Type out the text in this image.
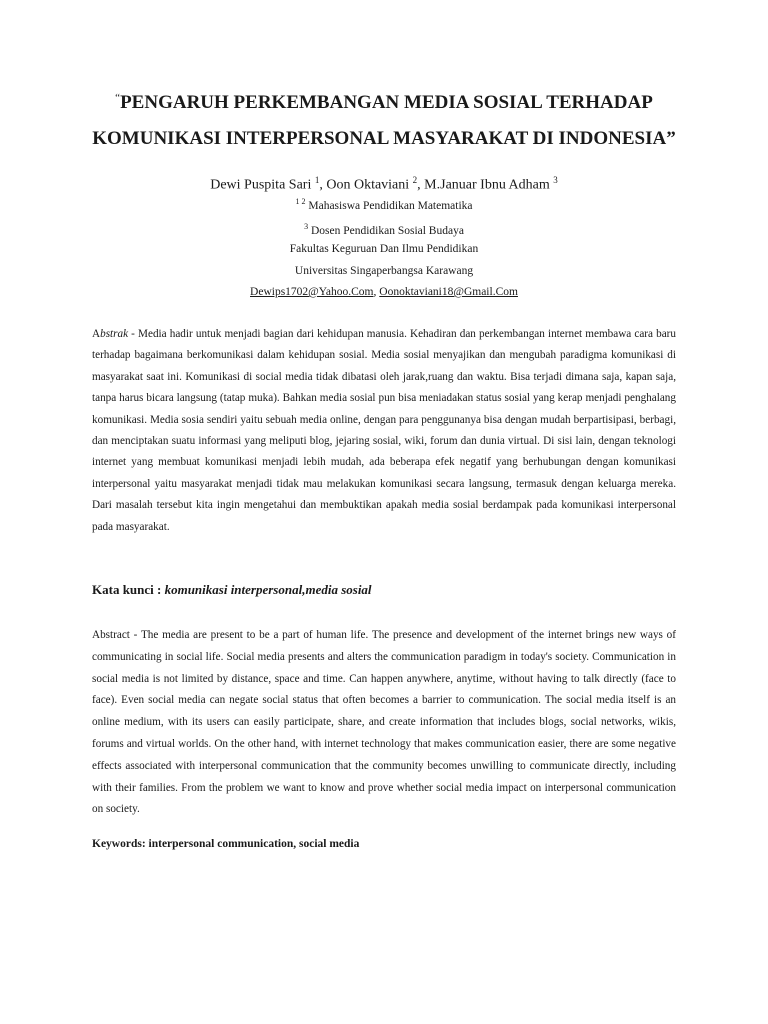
“PENGARUH PERKEMBANGAN MEDIA SOSIAL TERHADAP
KOMUNIKASI INTERPERSONAL MASYARAKAT DI INDONESIA”
Dewi Puspita Sari $^1$, Oon Oktaviani $^2$, M.Januar Ibnu Adham $^3$
$^{1 2}$ Mahasiswa Pendidikan Matematika
$^3$ Dosen Pendidikan Sosial Budaya
Fakultas Keguruan Dan Ilmu Pendidikan
Universitas Singaperbangsa Karawang
Dewips1702@Yahoo.Com, Oonoktaviani18@Gmail.Com
Abstrak - Media hadir untuk menjadi bagian dari kehidupan manusia. Kehadiran dan perkembangan internet membawa cara baru terhadap bagaimana berkomunikasi dalam kehidupan sosial. Media sosial menyajikan dan mengubah paradigma komunikasi di masyarakat saat ini. Komunikasi di social media tidak dibatasi oleh jarak,ruang dan waktu. Bisa terjadi dimana saja, kapan saja, tanpa harus bicara langsung (tatap muka). Bahkan media sosial pun bisa meniadakan status sosial yang kerap menjadi penghalang komunikasi. Media sosia sendiri yaitu sebuah media online, dengan para penggunanya bisa dengan mudah berpartisipasi, berbagi, dan menciptakan suatu informasi yang meliputi blog, jejaring sosial, wiki, forum dan dunia virtual. Di sisi lain, dengan teknologi internet yang membuat komunikasi menjadi lebih mudah, ada beberapa efek negatif yang berhubungan dengan komunikasi interpersonal yaitu masyarakat menjadi tidak mau melakukan komunikasi secara langsung, termasuk dengan keluarga mereka. Dari masalah tersebut kita ingin mengetahui dan membuktikan apakah media sosial berdampak pada komunikasi interpersonal pada masyarakat.
Kata kunci : komunikasi interpersonal,media sosial
Abstract - The media are present to be a part of human life. The presence and development of the internet brings new ways of communicating in social life. Social media presents and alters the communication paradigm in today's society. Communication in social media is not limited by distance, space and time. Can happen anywhere, anytime, without having to talk directly (face to face). Even social media can negate social status that often becomes a barrier to communication. The social media itself is an online medium, with its users can easily participate, share, and create information that includes blogs, social networks, wikis, forums and virtual worlds. On the other hand, with internet technology that makes communication easier, there are some negative effects associated with interpersonal communication that the community becomes unwilling to communicate directly, including with their families. From the problem we want to know and prove whether social media impact on interpersonal communication on society.
Keywords: interpersonal communication, social media
